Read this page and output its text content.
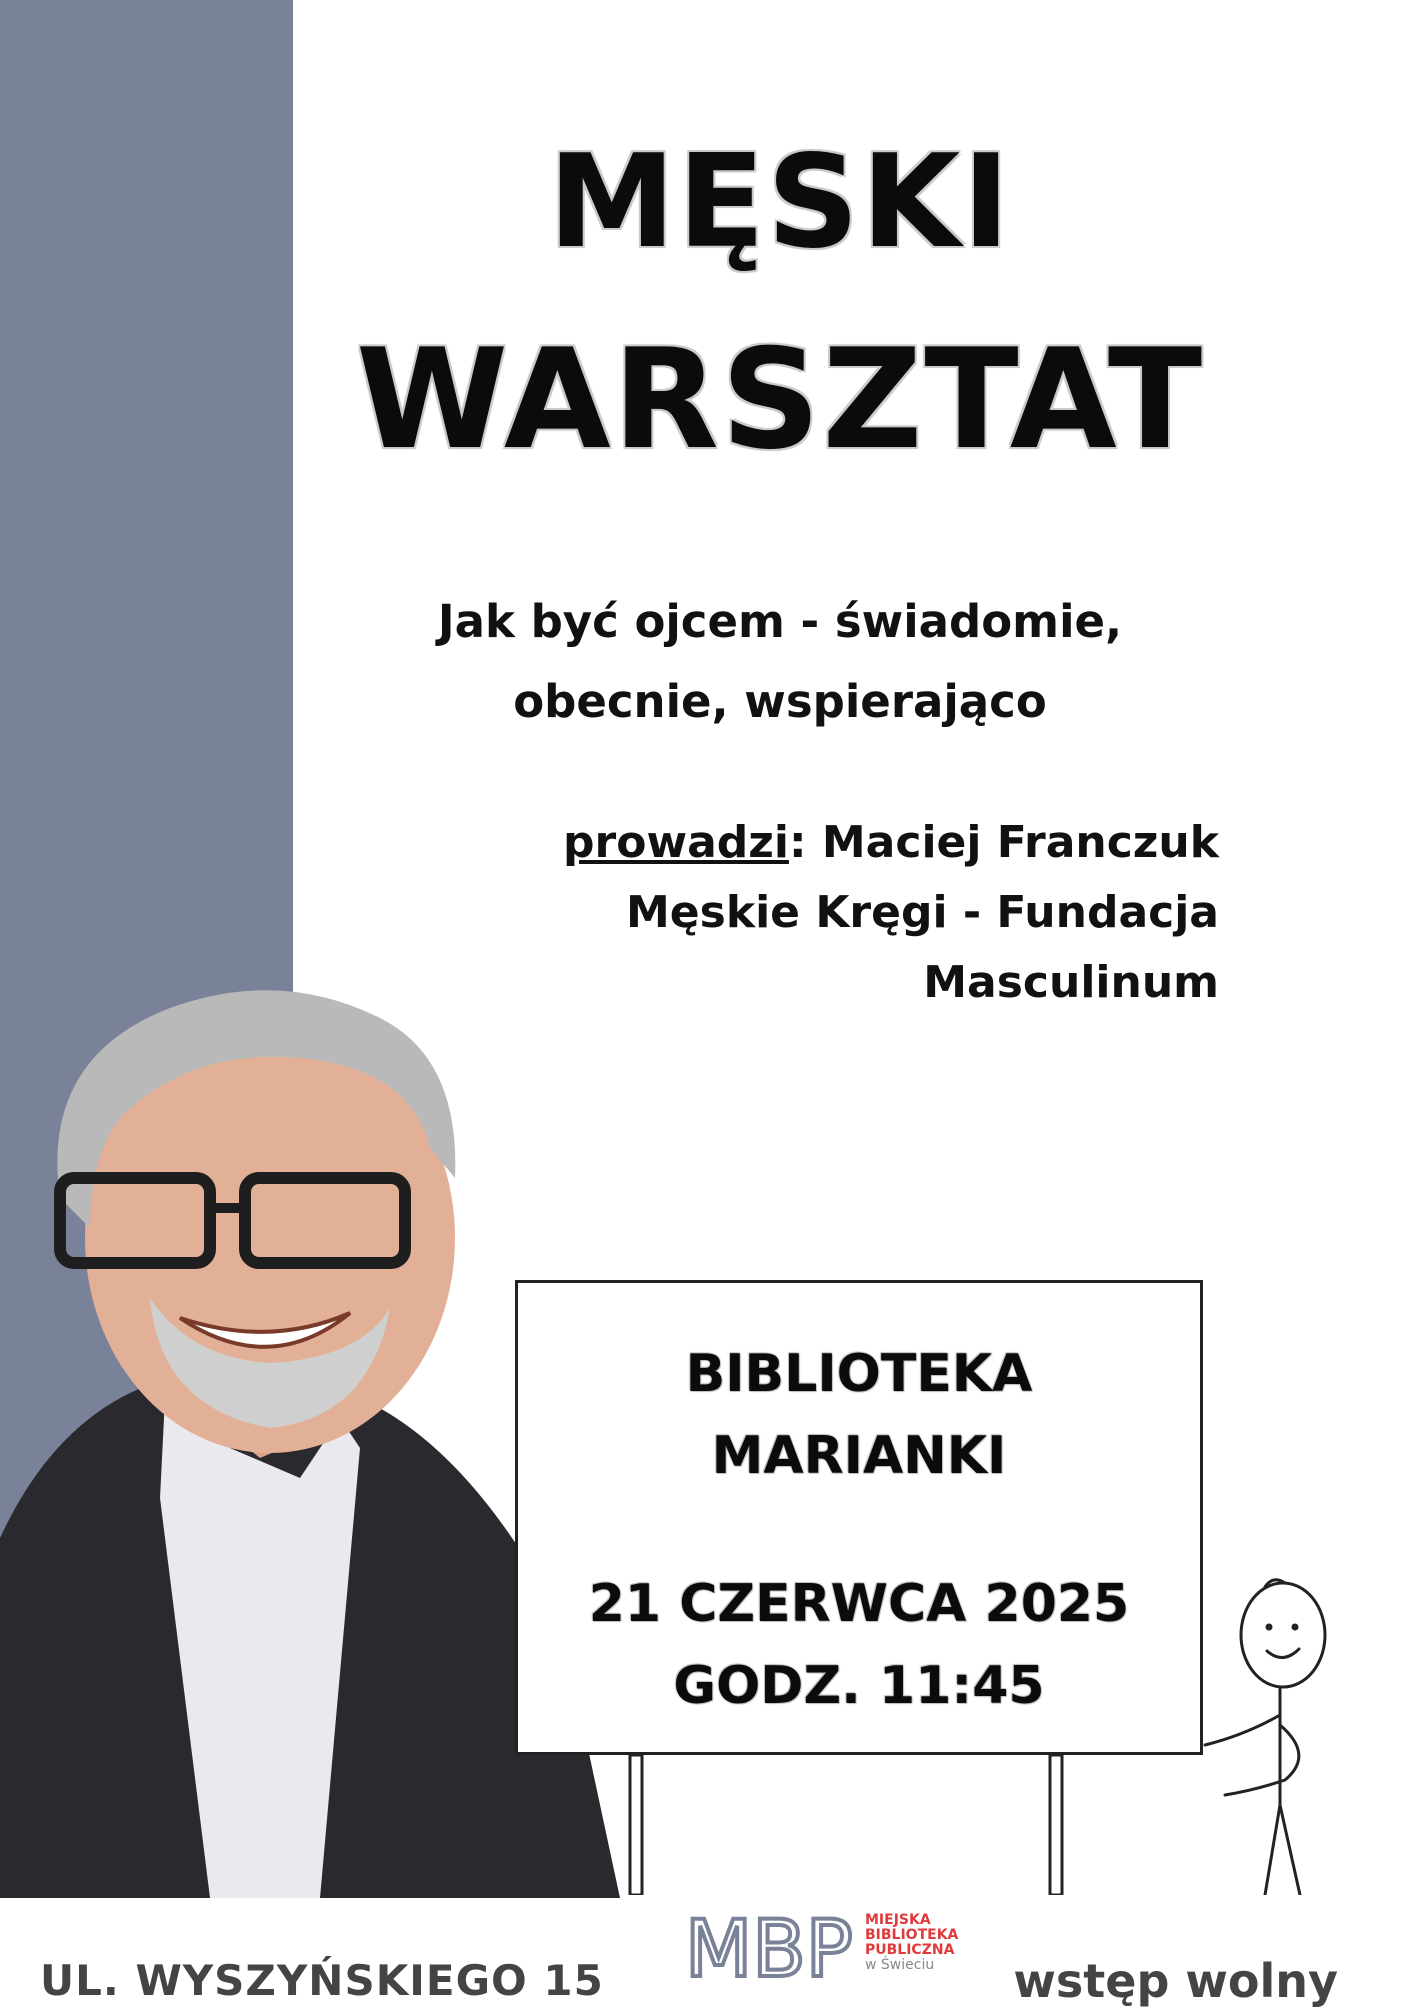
MĘSKI
WARSZTAT
Jak być ojcem - świadomie,
obecnie, wspierająco
prowadzi: Maciej Franczuk
Męskie Kręgi - Fundacja
Masculinum
BIBLIOTEKA
MARIANKI
21 CZERWCA 2025
GODZ. 11:45
UL. WYSZYŃSKIEGO 15 MBP MIEJSKA
BIBLIOTEKA
PUBLICZNA
w Świeciu	wstęp wolny
